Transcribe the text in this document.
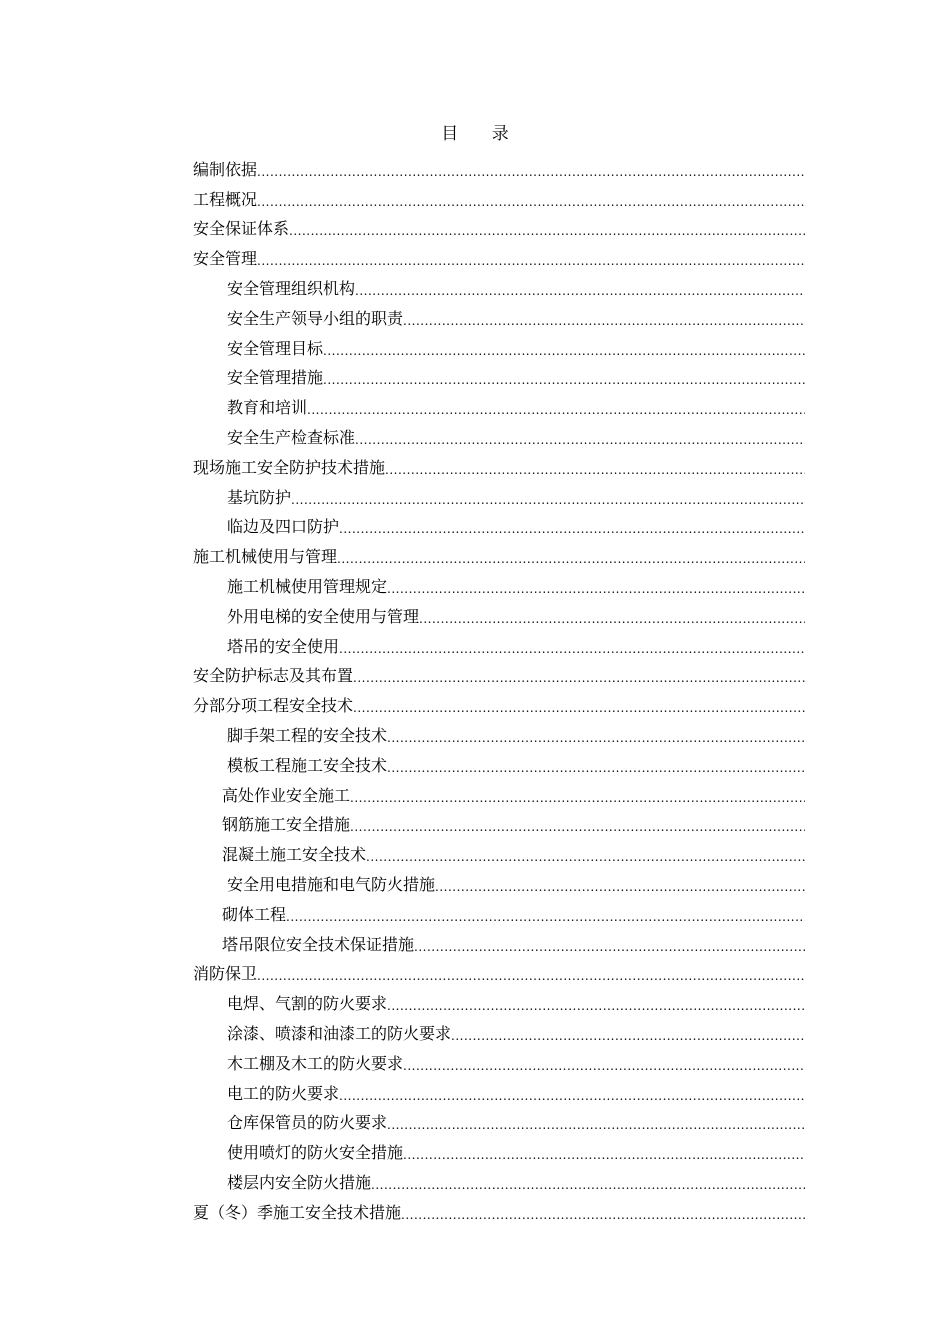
目 录
编制依据
.....
工程概况
.....
安全保证体系
.....
安全管理
.....
安全管理组织机构
.....
安全生产领导小组的职责
.....
安全管理目标
.....
安全管理措施
.....
教育和培训
.....
安全生产检查标准
.....
现场施工安全防护技术措施
.....
基坑防护
.....
临边及四口防护
.....
施工机械使用与管理
.....
施工机械使用管理规定
.....
外用电梯的安全使用与管理
.....
塔吊的安全使用
.....
安全防护标志及其布置
.....
分部分项工程安全技术
.....
脚手架工程的安全技术
.....
模板工程施工安全技术
.....
高处作业安全施工
.....
钢筋施工安全措施
.....
混凝土施工安全技术
.....
安全用电措施和电气防火措施
.....
砌体工程
.....
塔吊限位安全技术保证措施
.....
消防保卫
.....
电焊、气割的防火要求
.....
涂漆、喷漆和油漆工的防火要求
.....
木工棚及木工的防火要求
.....
电工的防火要求
.....
仓库保管员的防火要求
.....
使用喷灯的防火安全措施
.....
楼层内安全防火措施
.....
夏（冬）季施工安全技术措施
.....
